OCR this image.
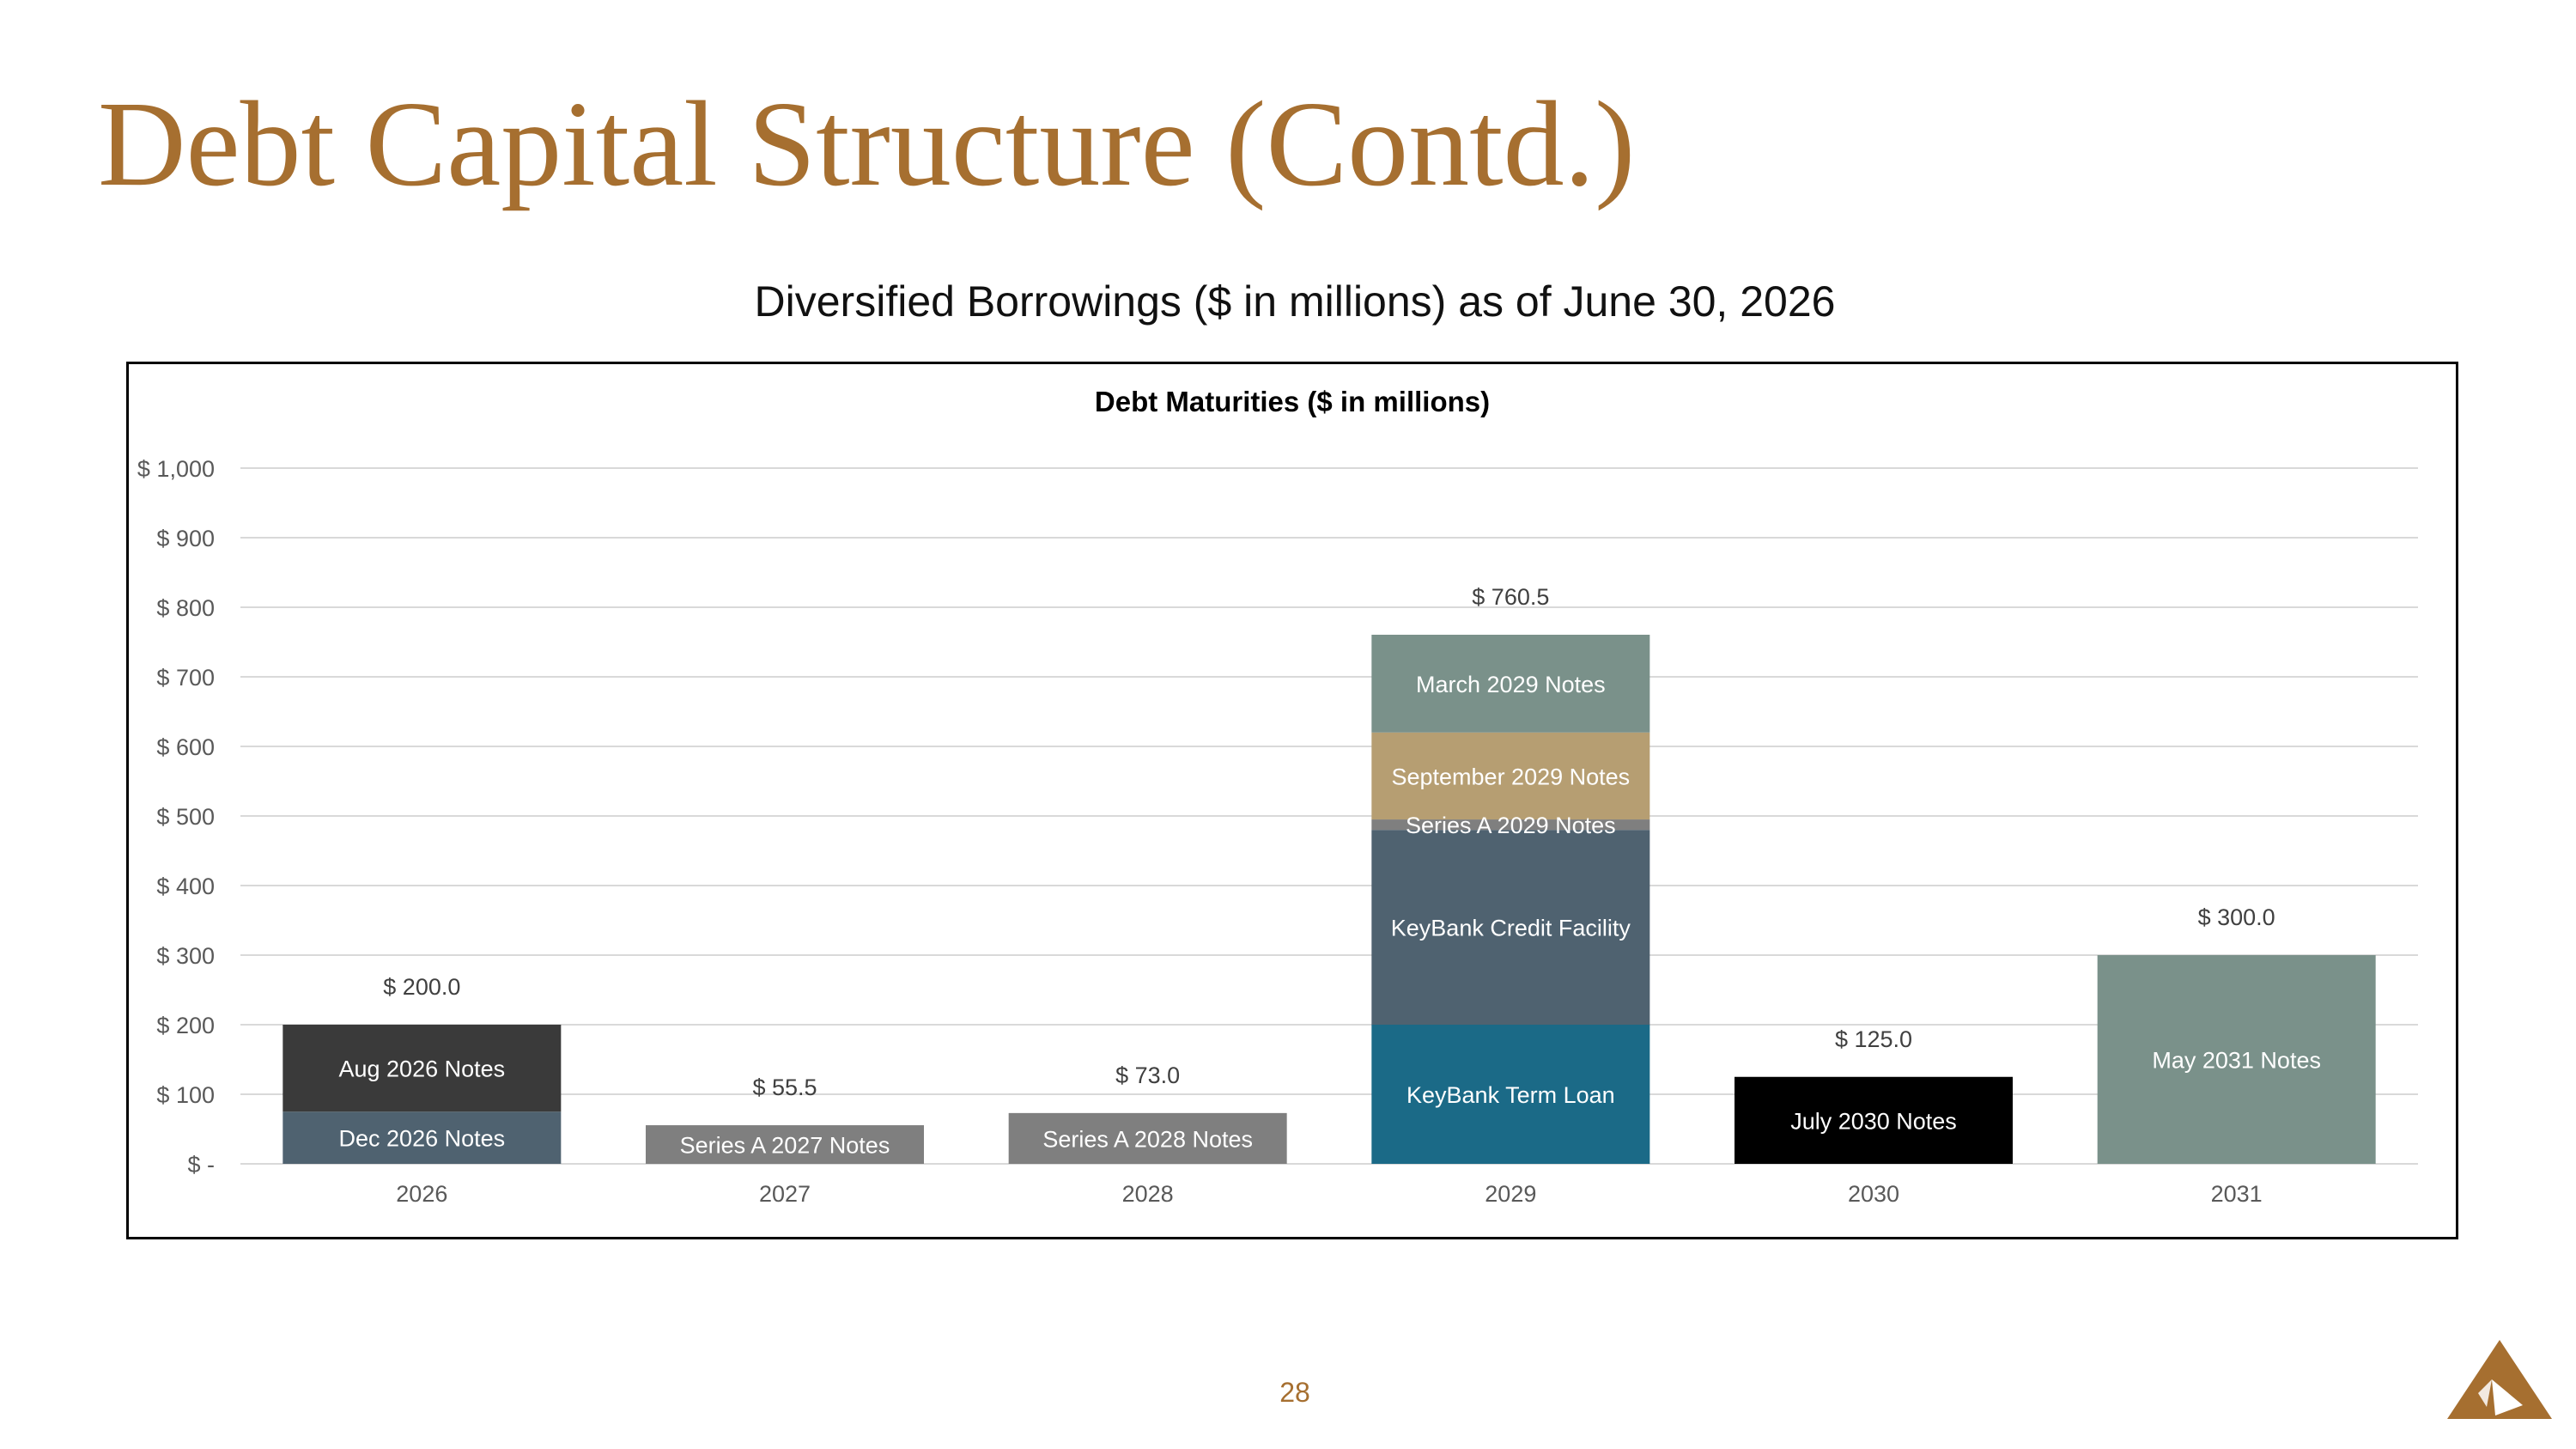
Debt Capital Structure (Contd.)
Diversified Borrowings ($ in millions) as of June 30, 2026
Debt Maturities ($ in millions)
$ -
$ 100
$ 200
$ 300
$ 400
$ 500
$ 600
$ 700
$ 800
$ 900
$ 1,000
2026	2027	2028	2029	2030	2031
Dec 2026 Notes
Aug 2026 Notes
Series A 2027 Notes	Series A 2028 Notes
KeyBank Term Loan
KeyBank Credit Facility
Series A 2029 Notes
September 2029 Notes
March 2029 Notes
July 2030 Notes
May 2031 Notes
$ 200.0
$ 55.5	$ 73.0
$ 760.5
$ 125.0
$ 300.0
28
